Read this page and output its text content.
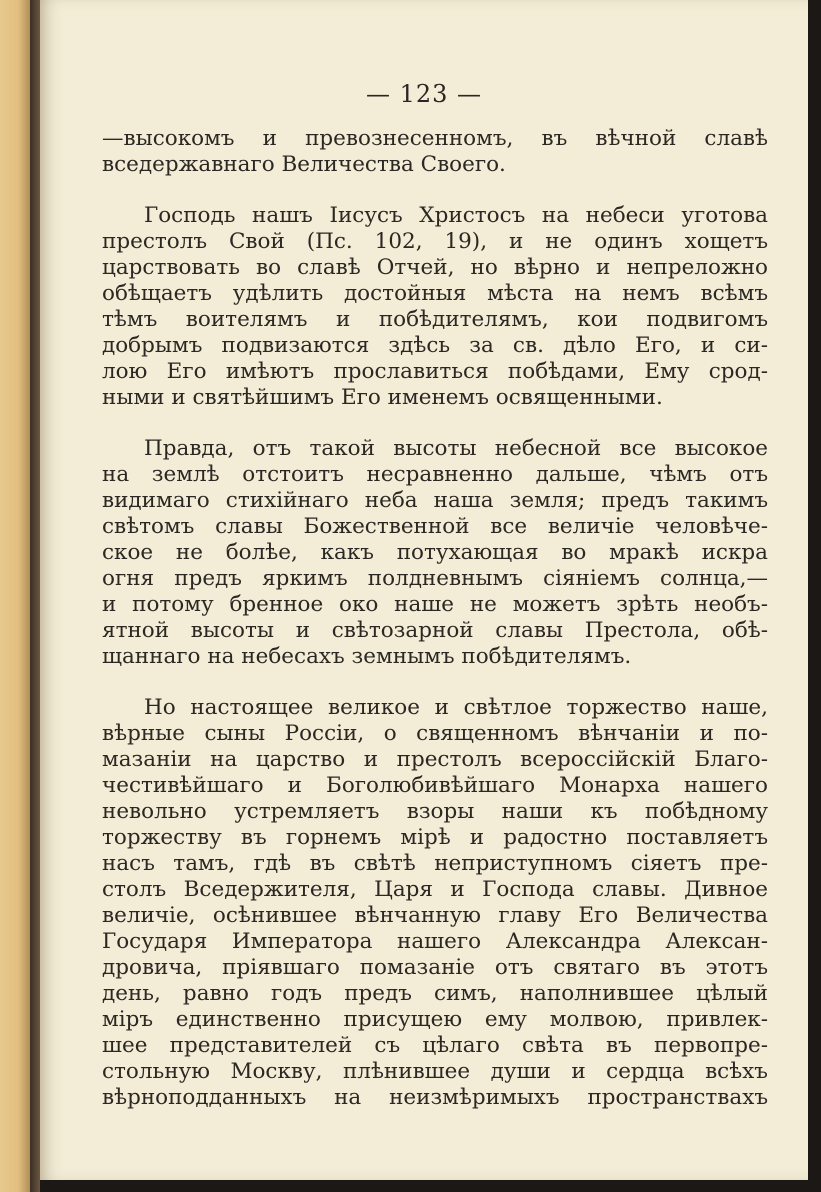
— 123 —
—высокомъ и превознесенномъ, въ вѣчной славѣ
вседержавнаго Величества Своего.
Господь нашъ Іисусъ Христосъ на небеси уготова
престолъ Свой (Пс. 102, 19), и не одинъ хощетъ
царствовать во славѣ Отчей, но вѣрно и непреложно
обѣщаетъ удѣлить достойныя мѣста на немъ всѣмъ
тѣмъ воителямъ и побѣдителямъ, кои подвигомъ
добрымъ подвизаются здѣсь за св. дѣло Его, и си-
лою Его имѣютъ прославиться побѣдами, Ему срод-
ными и святѣйшимъ Его именемъ освященными.
Правда, отъ такой высоты небесной все высокое
на землѣ отстоитъ несравненно дальше, чѣмъ отъ
видимаго стихійнаго неба наша земля; предъ такимъ
свѣтомъ славы Божественной все величіе человѣче-
ское не болѣе, какъ потухающая во мракѣ искра
огня предъ яркимъ полдневнымъ сіяніемъ солнца,—
и потому бренное око наше не можетъ зрѣть необъ-
ятной высоты и свѣтозарной славы Престола, обѣ-
щаннаго на небесахъ земнымъ побѣдителямъ.
Но настоящее великое и свѣтлое торжество наше,
вѣрные сыны Россіи, о священномъ вѣнчаніи и по-
мазаніи на царство и престолъ всероссійскій Благо-
честивѣйшаго и Боголюбивѣйшаго Монарха нашего
невольно устремляетъ взоры наши къ побѣдному
торжеству въ горнемъ мірѣ и радостно поставляетъ
насъ тамъ, гдѣ въ свѣтѣ неприступномъ сіяетъ пре-
столъ Вседержителя, Царя и Господа славы. Дивное
величіе, осѣнившее вѣнчанную главу Его Величества
Государя Императора нашего Александра Алексан-
дровича, пріявшаго помазаніе отъ святаго въ этотъ
день, равно годъ предъ симъ, наполнившее цѣлый
міръ единственно присущею ему молвою, привлек-
шее представителей съ цѣлаго свѣта въ первопре-
стольную Москву, плѣнившее души и сердца всѣхъ
вѣрноподданныхъ на неизмѣримыхъ пространствахъ
